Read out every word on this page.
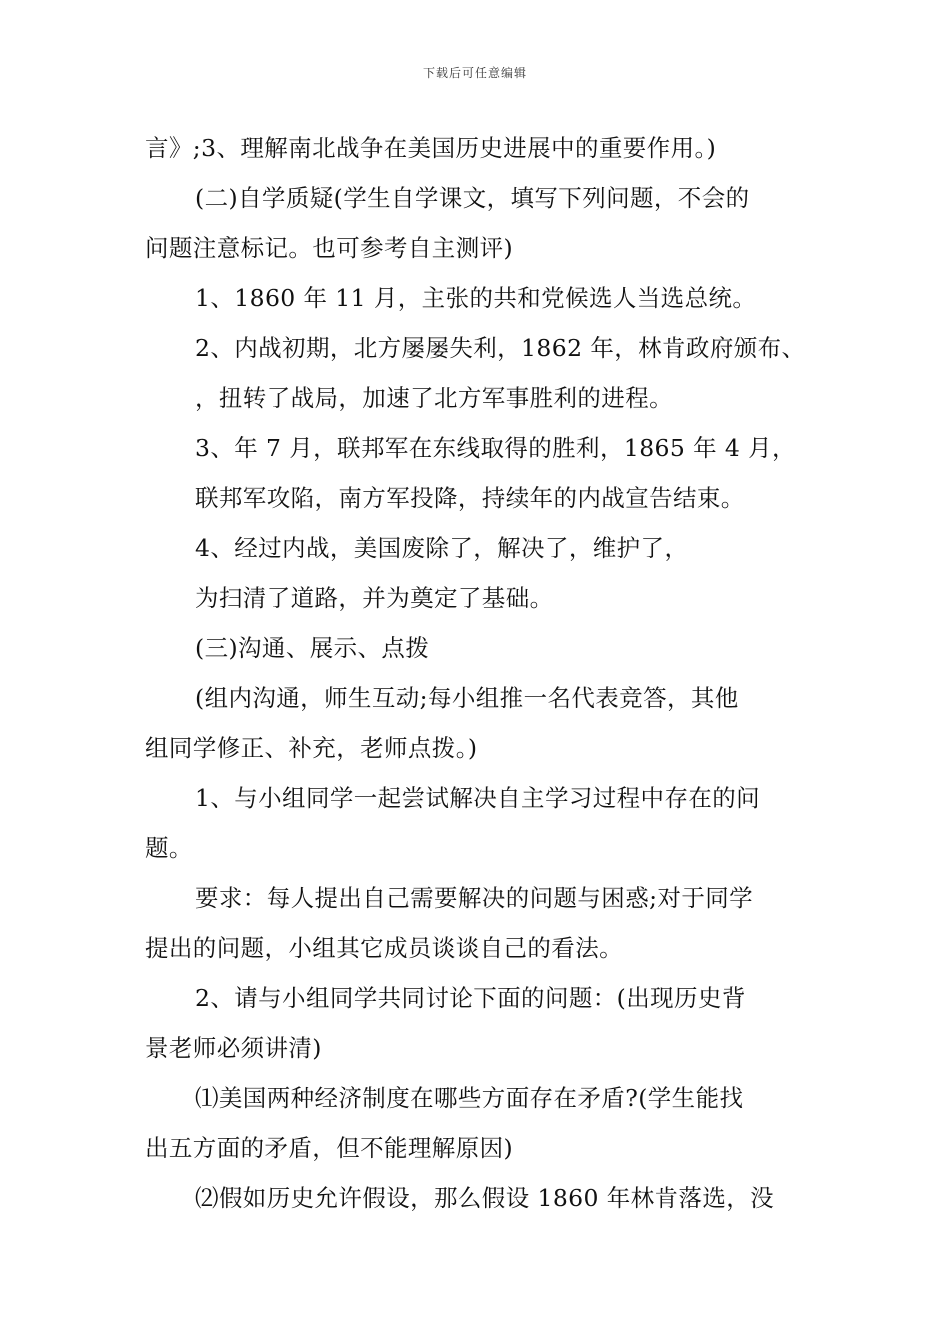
下载后可任意编辑
言》;3、理解南北战争在美国历史进展中的重要作用。)
(二)自学质疑(学生自学课文，填写下列问题，不会的
问题注意标记。也可参考自主测评)
1、1860 年 11 月，主张的共和党候选人当选总统。
2、内战初期，北方屡屡失利，1862 年，林肯政府颁布、
，扭转了战局，加速了北方军事胜利的进程。
3、年 7 月，联邦军在东线取得的胜利，1865 年 4 月，
联邦军攻陷，南方军投降，持续年的内战宣告结束。
4、经过内战，美国废除了，解决了，维护了，
为扫清了道路，并为奠定了基础。
(三)沟通、展示、点拨
(组内沟通，师生互动;每小组推一名代表竞答，其他
组同学修正、补充，老师点拨。)
1、与小组同学一起尝试解决自主学习过程中存在的问
题。
要求：每人提出自己需要解决的问题与困惑;对于同学
提出的问题，小组其它成员谈谈自己的看法。
2、请与小组同学共同讨论下面的问题：(出现历史背
景老师必须讲清)
⑴美国两种经济制度在哪些方面存在矛盾?(学生能找
出五方面的矛盾，但不能理解原因)
⑵假如历史允许假设，那么假设 1860 年林肯落选，没
